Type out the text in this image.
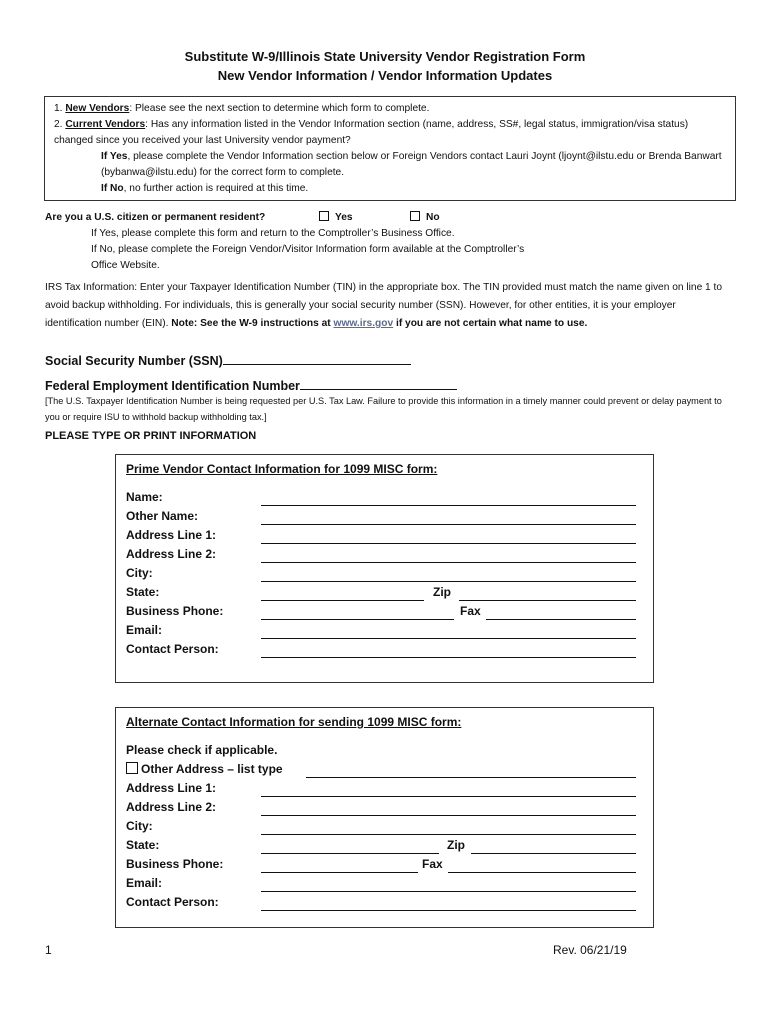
Substitute W-9/Illinois State University Vendor Registration Form
New Vendor Information / Vendor Information Updates

1. New Vendors: Please see the next section to determine which form to complete.

2. Current Vendors: Has any information listed in the Vendor Information section (name, address, SS#, legal status, immigration/visa status) changed since you received your last University vendor payment?

If Yes, please complete the Vendor Information section below or Foreign Vendors contact Lauri Joynt (ljoynt@ilstu.edu or Brenda Banwart (bybanwa@ilstu.edu) for the correct form to complete.

If No, no further action is required at this time.

Are you a U.S. citizen or permanent resident?	Yes	No
If Yes, please complete this form and return to the Comptroller’s Business Office.
If No, please complete the Foreign Vendor/Visitor Information form available at the Comptroller’s
Office Website.
IRS Tax Information: Enter your Taxpayer Identification Number (TIN) in the appropriate box. The TIN provided must match the name given on line 1 to avoid backup withholding. For individuals, this is generally your social security number (SSN). However, for other entities, it is your employer identification number (EIN). Note: See the W-9 instructions at www.irs.gov if you are not certain what name to use.
Social Security Number (SSN)
Federal Employment Identification Number
[The U.S. Taxpayer Identification Number is being requested per U.S. Tax Law. Failure to provide this information in a timely manner could prevent or delay payment to you or require ISU to withhold backup withholding tax.]
PLEASE TYPE OR PRINT INFORMATION
Prime Vendor Contact Information for 1099 MISC form:
Name:
Other Name:
Address Line 1:
Address Line 2:
City:
State:	Zip
Business Phone:	Fax
Email:
Contact Person:
Alternate Contact Information for sending 1099 MISC form:
Please check if applicable.
Other Address – list type
Address Line 1:
Address Line 2:
City:
State:	Zip
Business Phone:	Fax
Email:
Contact Person:
1	Rev. 06/21/19
